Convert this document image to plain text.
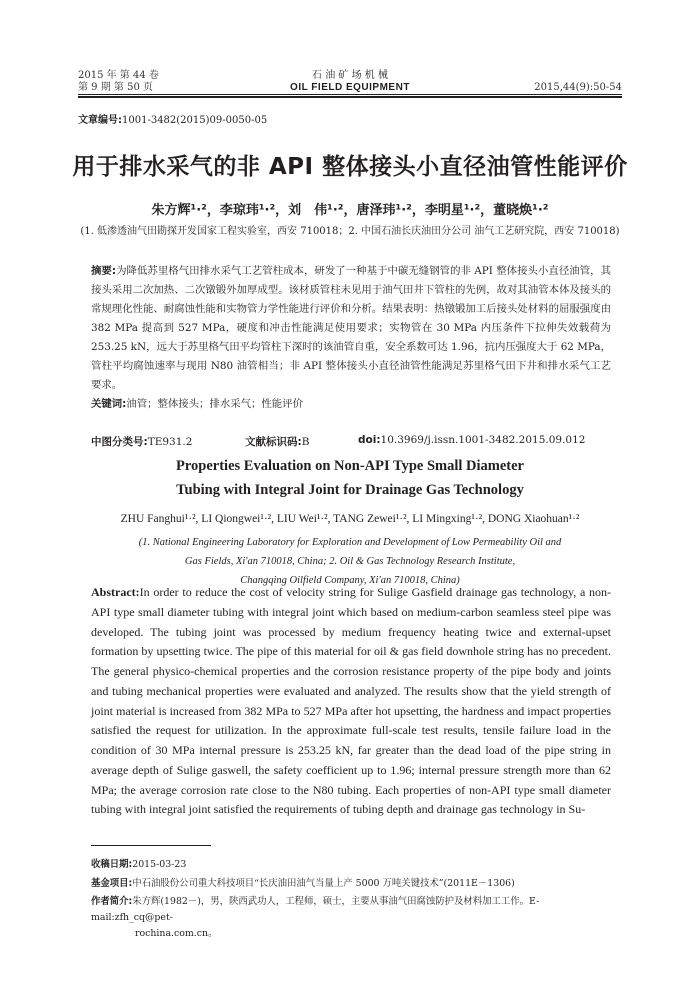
2015 年 第 44 卷
第 9 期 第 50 页
石 油 矿 场 机 械
OIL FIELD EQUIPMENT	2015,44(9):50-54
文章编号:1001-3482(2015)09-0050-05
用于排水采气的非 API 整体接头小直径油管性能评价
朱方辉¹·²，李琼玮¹·²，刘　伟¹·²，唐泽玮¹·²，李明星¹·²，董晓焕¹·²
(1. 低渗透油气田勘探开发国家工程实验室，西安 710018；2. 中国石油长庆油田分公司 油气工艺研究院，西安 710018)
摘要:为降低苏里格气田排水采气工艺管柱成本，研发了一种基于中碳无缝钢管的非 API 整体接头小直径油管，其接头采用二次加热、二次镦锻外加厚成型。该材质管柱未见用于油气田井下管柱的先例，故对其油管本体及接头的常规理化性能、耐腐蚀性能和实物管力学性能进行评价和分析。结果表明：热镦锻加工后接头处材料的屈服强度由 382 MPa 提高到 527 MPa，硬度和冲击性能满足使用要求；实物管在 30 MPa 内压条件下拉伸失效载荷为 253.25 kN，远大于苏里格气田平均管柱下深时的该油管自重，安全系数可达 1.96，抗内压强度大于 62 MPa，管柱平均腐蚀速率与现用 N80 油管相当；非 API 整体接头小直径油管性能满足苏里格气田下井和排水采气工艺要求。
关键词:油管；整体接头；排水采气；性能评价
中图分类号:TE931.2	文献标识码:B	doi:10.3969/j.issn.1001-3482.2015.09.012
Properties Evaluation on Non-API Type Small Diameter
Tubing with Integral Joint for Drainage Gas Technology
ZHU Fanghui¹·², LI Qiongwei¹·², LIU Wei¹·², TANG Zewei¹·², LI Mingxing¹·², DONG Xiaohuan¹·²
(1. National Engineering Laboratory for Exploration and Development of Low Permeability Oil and
Gas Fields, Xi'an 710018, China; 2. Oil & Gas Technology Research Institute,
Changqing Oilfield Company, Xi'an 710018, China)
Abstract:In order to reduce the cost of velocity string for Sulige Gasfield drainage gas technology, a non-API type small diameter tubing with integral joint which based on medium-carbon seamless steel pipe was developed. The tubing joint was processed by medium frequency heating twice and external-upset formation by upsetting twice. The pipe of this material for oil & gas field downhole string has no precedent. The general physico-chemical properties and the corrosion resistance property of the pipe body and joints and tubing mechanical properties were evaluated and analyzed. The results show that the yield strength of joint material is increased from 382 MPa to 527 MPa after hot upsetting, the hardness and impact properties satisfied the request for utilization. In the approximate full-scale test results, tensile failure load in the condition of 30 MPa internal pressure is 253.25 kN, far greater than the dead load of the pipe string in average depth of Sulige gaswell, the safety coefficient up to 1.96; internal pressure strength more than 62 MPa; the average corrosion rate close to the N80 tubing. Each properties of non-API type small diameter tubing with integral joint satisfied the requirements of tubing depth and drainage gas technology in Su-
收稿日期:2015-03-23
基金项目:中石油股份公司重大科技项目“长庆油田油气当量上产 5000 万吨关键技术”(2011E－1306)
作者简介:朱方辉(1982－)，男，陕西武功人，工程师，硕士，主要从事油气田腐蚀防护及材料加工工作。E-mail:zfh_cq@pet-
rochina.com.cn。
